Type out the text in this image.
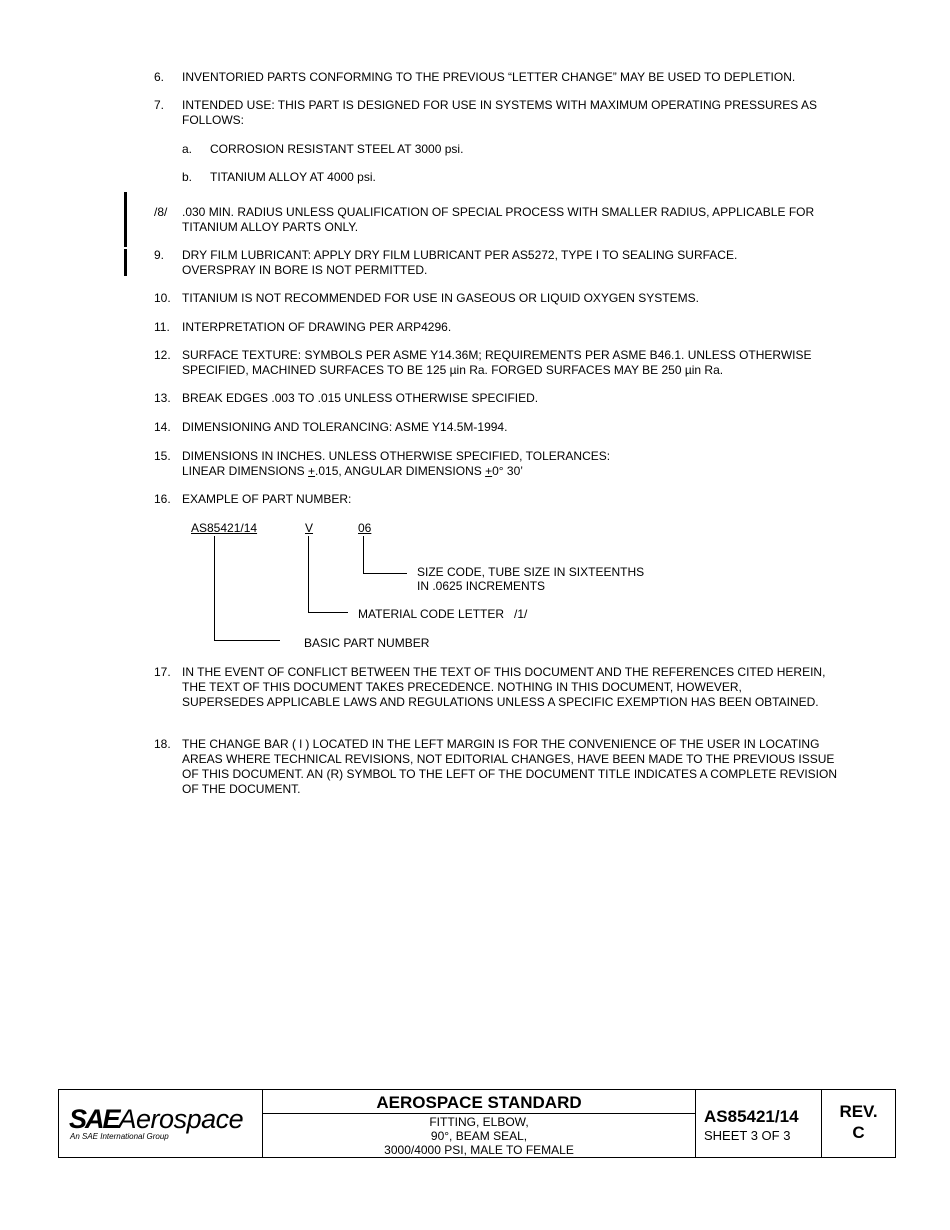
6.	INVENTORIED PARTS CONFORMING TO THE PREVIOUS “LETTER CHANGE” MAY BE USED TO DEPLETION.
7.	INTENDED USE: THIS PART IS DESIGNED FOR USE IN SYSTEMS WITH MAXIMUM OPERATING PRESSURES AS FOLLOWS:
a.	CORROSION RESISTANT STEEL AT 3000 psi.
b.	TITANIUM ALLOY AT 4000 psi.
/8/	.030 MIN. RADIUS UNLESS QUALIFICATION OF SPECIAL PROCESS WITH SMALLER RADIUS, APPLICABLE FOR TITANIUM ALLOY PARTS ONLY.
9.	DRY FILM LUBRICANT: APPLY DRY FILM LUBRICANT PER AS5272, TYPE I TO SEALING SURFACE. OVERSPRAY IN BORE IS NOT PERMITTED.
10. TITANIUM IS NOT RECOMMENDED FOR USE IN GASEOUS OR LIQUID OXYGEN SYSTEMS.
11.	INTERPRETATION OF DRAWING PER ARP4296.
12. SURFACE TEXTURE: SYMBOLS PER ASME Y14.36M; REQUIREMENTS PER ASME B46.1. UNLESS OTHERWISE SPECIFIED, MACHINED SURFACES TO BE 125 µin Ra. FORGED SURFACES MAY BE 250 µin Ra.
13. BREAK EDGES .003 TO .015 UNLESS OTHERWISE SPECIFIED.
14. DIMENSIONING AND TOLERANCING: ASME Y14.5M-1994.
15. DIMENSIONS IN INCHES. UNLESS OTHERWISE SPECIFIED, TOLERANCES:
LINEAR DIMENSIONS +.015, ANGULAR DIMENSIONS +0° 30’
16. EXAMPLE OF PART NUMBER:
AS85421/14	V	06
SIZE CODE, TUBE SIZE IN SIXTEENTHS
IN .0625 INCREMENTS
MATERIAL CODE LETTER   /1/
BASIC PART NUMBER
17. IN THE EVENT OF CONFLICT BETWEEN THE TEXT OF THIS DOCUMENT AND THE REFERENCES CITED HEREIN, THE TEXT OF THIS DOCUMENT TAKES PRECEDENCE. NOTHING IN THIS DOCUMENT, HOWEVER, SUPERSEDES APPLICABLE LAWS AND REGULATIONS UNLESS A SPECIFIC EXEMPTION HAS BEEN OBTAINED.
18. THE CHANGE BAR ( l ) LOCATED IN THE LEFT MARGIN IS FOR THE CONVENIENCE OF THE USER IN LOCATING AREAS WHERE TECHNICAL REVISIONS, NOT EDITORIAL CHANGES, HAVE BEEN MADE TO THE PREVIOUS ISSUE OF THIS DOCUMENT. AN (R) SYMBOL TO THE LEFT OF THE DOCUMENT TITLE INDICATES A COMPLETE REVISION OF THE DOCUMENT.
SAEAerospace
An SAE International Group
AEROSPACE STANDARD
FITTING, ELBOW,
90°, BEAM SEAL,
3000/4000 PSI, MALE TO FEMALE
AS85421/14
SHEET 3 OF 3
REV.
C
